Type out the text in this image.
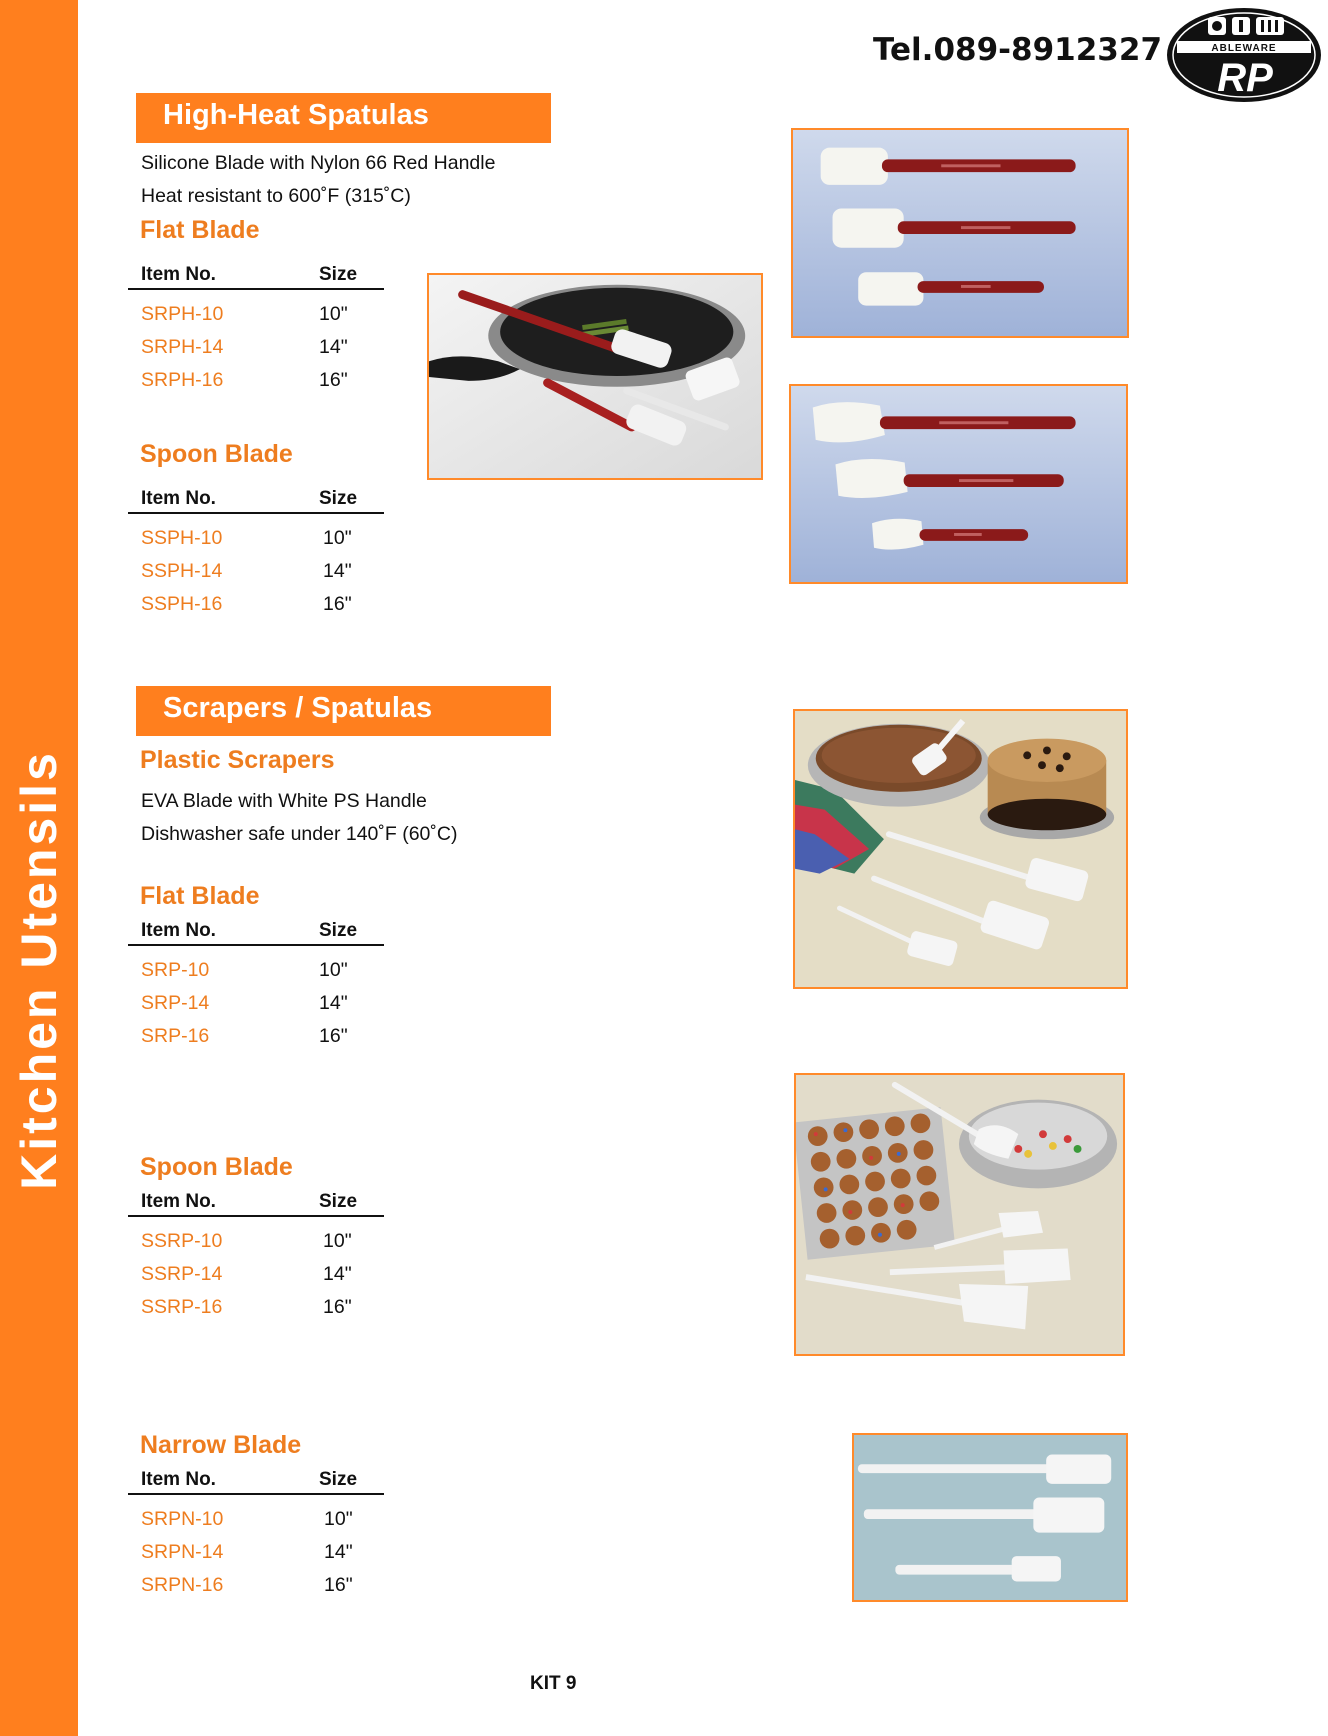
Kitchen Utensils
Tel.089-8912327	ABLEWARE
RP
High-Heat Spatulas
Silicone Blade with Nylon 66 Red Handle
Heat resistant to 600˚F (315˚C)
Flat Blade
Item No.	Size
SRPH-10	10"
SRPH-14	14"
SRPH-16	16"
Spoon Blade
Item No.	Size
SSPH-10	10"
SSPH-14	14"
SSPH-16	16"
Scrapers / Spatulas
Plastic Scrapers
EVA Blade with White PS Handle
Dishwasher safe under 140˚F (60˚C)
Flat Blade
Item No.	Size
SRP-10	10"
SRP-14	14"
SRP-16	16"
Spoon Blade
Item No.	Size
SSRP-10	10"
SSRP-14	14"
SSRP-16	16"
Narrow Blade
Item No.	Size
SRPN-10	10"
SRPN-14	14"
SRPN-16	16"
KIT 9
